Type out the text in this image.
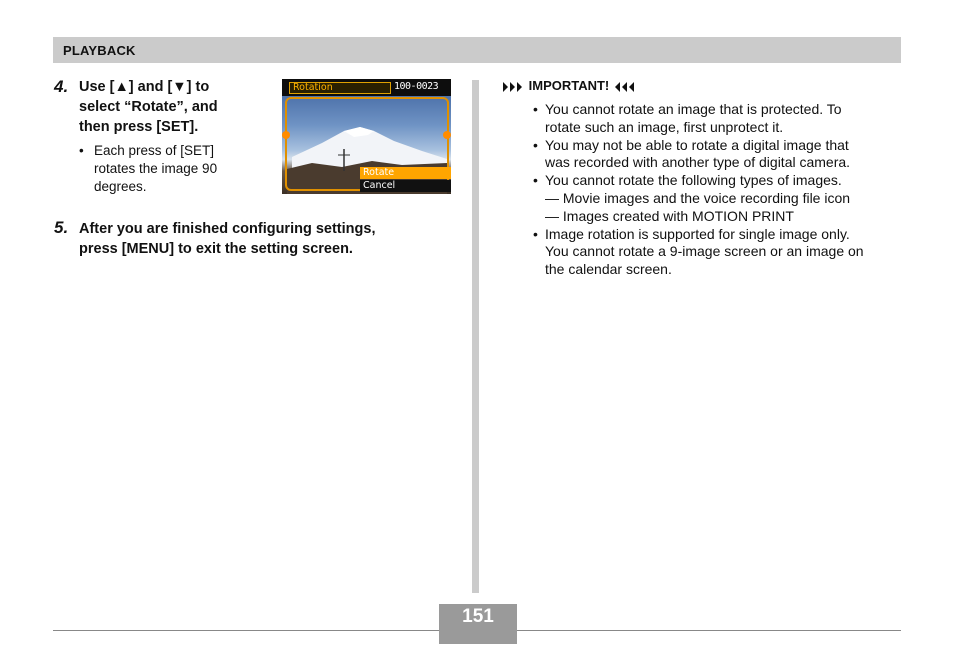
PLAYBACK
4. Use [▲] and [▼] to
select “Rotate”, and
then press [SET].
• Each press of [SET]
rotates the image 90
degrees.
Rotation	100-0023
Rotate
Cancel
5. After you are finished configuring settings,
press [MENU] to exit the setting screen.
IMPORTANT!
• You cannot rotate an image that is protected. To
rotate such an image, first unprotect it.
• You may not be able to rotate a digital image that
was recorded with another type of digital camera.
• You cannot rotate the following types of images.
— Movie images and the voice recording file icon
— Images created with MOTION PRINT
• Image rotation is supported for single image only.
You cannot rotate a 9-image screen or an image on
the calendar screen.
151
